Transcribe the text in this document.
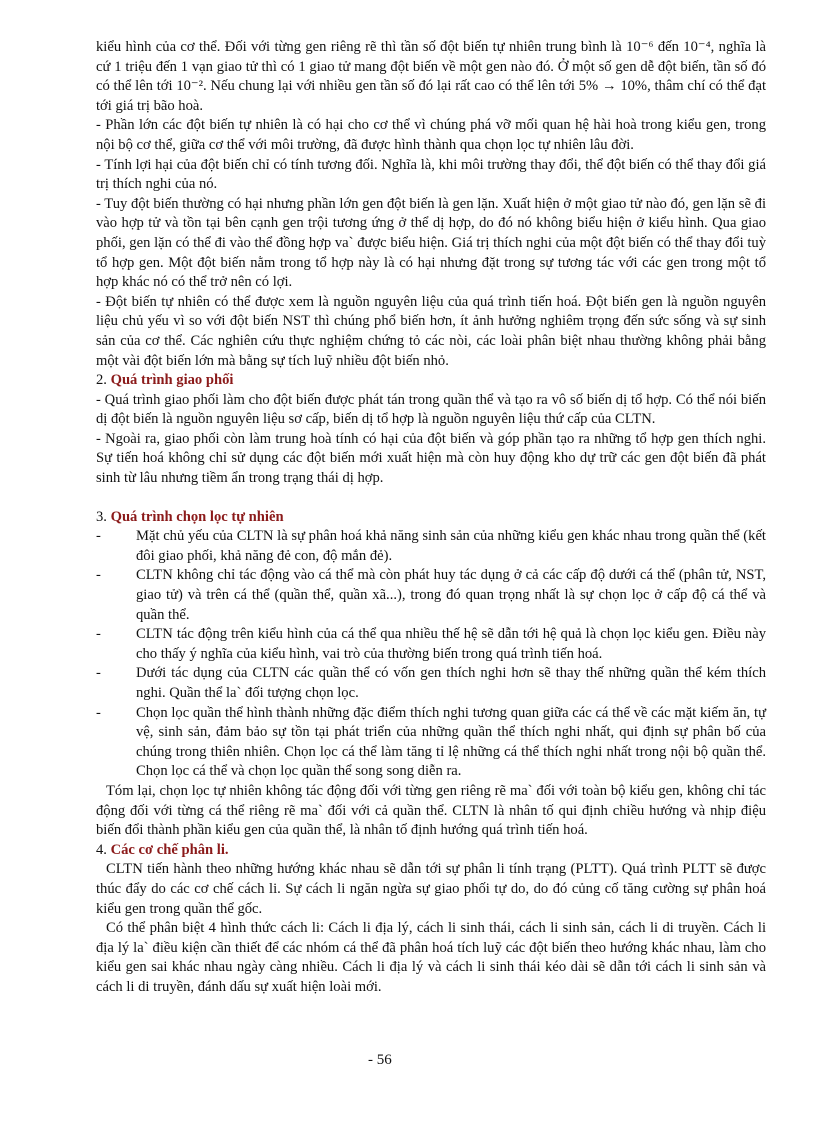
kiểu hình của cơ thể. Đối với từng gen riêng rẽ thì tần số đột biến tự nhiên trung bình là 10⁻⁶ đến 10⁻⁴, nghĩa là cứ 1 triệu đến 1 vạn giao tử thì có 1 giao tử mang đột biến về một gen nào đó. Ở một số gen dễ đột biến, tần số đó có thể lên tới 10⁻². Nếu chung lại với nhiều gen tần số đó lại rất cao có thể lên tới 5% → 10%, thâm chí có thể đạt tới giá trị bão hoà.

- Phần lớn các đột biến tự nhiên là có hại cho cơ thể vì chúng phá vỡ mối quan hệ hài hoà trong kiểu gen, trong nội bộ cơ thể, giữa cơ thể với môi trường, đã được hình thành qua chọn lọc tự nhiên lâu đời.

- Tính lợi hại của đột biến chỉ có tính tương đối. Nghĩa là, khi môi trường thay đổi, thể đột biến có thể thay đổi giá trị thích nghi của nó.

- Tuy đột biến thường có hại nhưng phần lớn gen đột biến là gen lặn. Xuất hiện ở một giao tử nào đó, gen lặn sẽ đi vào hợp tử và tồn tại bên cạnh gen trội tương ứng ở thể dị hợp, do đó nó không biểu hiện ở kiểu hình. Qua giao phối, gen lặn có thể đi vào thể đồng hợp va` được biểu hiện. Giá trị thích nghi của một đột biến có thể thay đổi tuỳ tổ hợp gen. Một đột biến nằm trong tổ hợp này là có hại nhưng đặt trong sự tương tác với các gen trong một tổ hợp khác nó có thể trở nên có lợi.

- Đột biến tự nhiên có thể được xem là nguồn nguyên liệu của quá trình tiến hoá. Đột biến gen là nguồn nguyên liệu chủ yếu vì so với đột biến NST thì chúng phổ biến hơn, ít ảnh hưởng nghiêm trọng đến sức sống và sự sinh sản của cơ thể. Các nghiên cứu thực nghiệm chứng tỏ các nòi, các loài phân biệt nhau thường không phải bằng một vài đột biến lớn mà bằng sự tích luỹ nhiều đột biến nhỏ.

2. Quá trình giao phối

- Quá trình giao phối làm cho đột biến được phát tán trong quần thể và tạo ra vô số biến dị tổ hợp. Có thể nói biến dị đột biến là nguồn nguyên liệu sơ cấp, biến dị tổ hợp là nguồn nguyên liệu thứ cấp của CLTN.

- Ngoài ra, giao phối còn làm trung hoà tính có hại của đột biến và góp phần tạo ra những tổ hợp gen thích nghi. Sự tiến hoá không chỉ sử dụng các đột biến mới xuất hiện mà còn huy động kho dự trữ các gen đột biến đã phát sinh từ lâu nhưng tiềm ẩn trong trạng thái dị hợp.

3. Quá trình chọn lọc tự nhiên

-	Mặt chủ yếu của CLTN là sự phân hoá khả năng sinh sản của những kiểu gen khác nhau trong quần thể (kết đôi giao phối, khả năng đẻ con, độ mắn đẻ).
-	CLTN không chỉ tác động vào cá thể mà còn phát huy tác dụng ở cả các cấp độ dưới cá thể (phân tử, NST, giao tử) và trên cá thể (quần thể, quần xã...), trong đó quan trọng nhất là sự chọn lọc ở cấp độ cá thể và quần thể.
-	CLTN tác động trên kiểu hình của cá thể qua nhiều thế hệ sẽ dẫn tới hệ quả là chọn lọc kiểu gen. Điều này cho thấy ý nghĩa của kiểu hình, vai trò của thường biến trong quá trình tiến hoá.
-	Dưới tác dụng của CLTN các quần thể có vốn gen thích nghi hơn sẽ thay thế những quần thể kém thích nghi. Quần thể la` đối tượng chọn lọc.
-	Chọn lọc quần thể hình thành những đặc điểm thích nghi tương quan giữa các cá thể về các mặt kiếm ăn, tự vệ, sinh sản, đảm bảo sự tồn tại phát triển của những quần thể thích nghi nhất, qui định sự phân bố của chúng trong thiên nhiên. Chọn lọc cá thể làm tăng tỉ lệ những cá thể thích nghi nhất trong nội bộ quần thể. Chọn lọc cá thể và chọn lọc quần thể song song diễn ra.

Tóm lại, chọn lọc tự nhiên không tác động đối với từng gen riêng rẽ ma` đối với toàn bộ kiểu gen, không chỉ tác động đối với từng cá thể riêng rẽ ma` đối với cả quần thể. CLTN là nhân tố qui định chiều hướng và nhịp điệu biến đổi thành phần kiểu gen của quần thể, là nhân tố định hướng quá trình tiến hoá.

4. Các cơ chế phân li.

CLTN tiến hành theo những hướng khác nhau sẽ dẫn tới sự phân li tính trạng (PLTT). Quá trình PLTT sẽ được thúc đẩy do các cơ chế cách li. Sự cách li ngăn ngừa sự giao phối tự do, do đó củng cố tăng cường sự phân hoá kiểu gen trong quần thể gốc.

Có thể phân biệt 4 hình thức cách li: Cách li địa lý, cách li sinh thái, cách li sinh sản, cách li di truyền. Cách li địa lý la` điều kiện cần thiết để các nhóm cá thể đã phân hoá tích luỹ các đột biến theo hướng khác nhau, làm cho kiểu gen sai khác nhau ngày càng nhiều. Cách li địa lý và cách li sinh thái kéo dài sẽ dẫn tới cách li sinh sản và cách li di truyền, đánh dấu sự xuất hiện loài mới.

- 56
